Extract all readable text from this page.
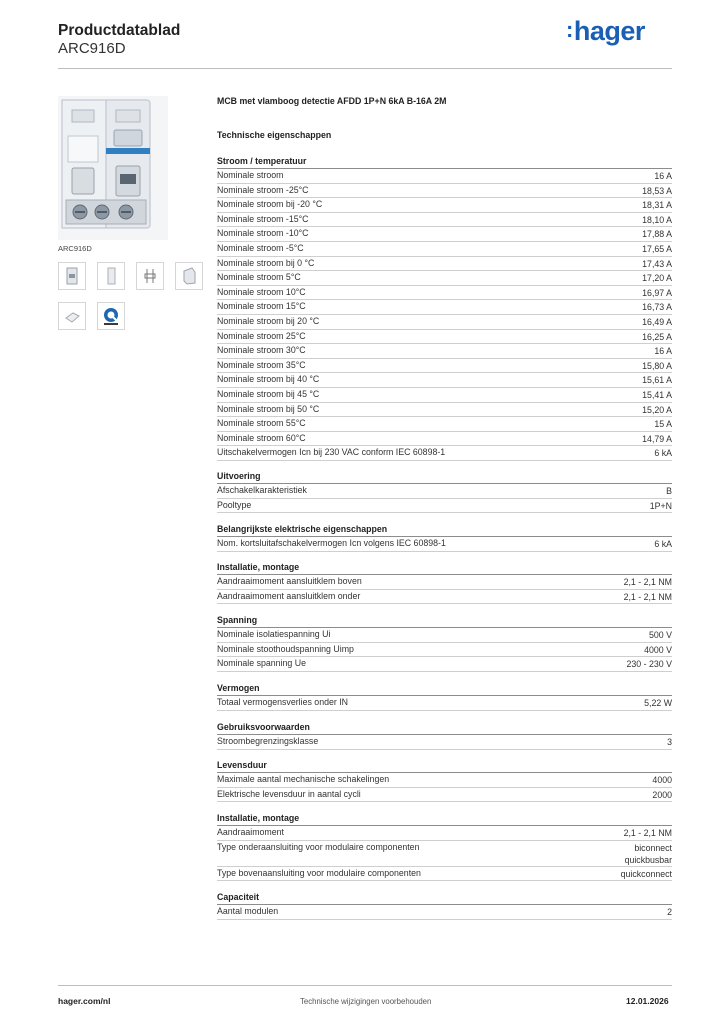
Productdatablad
ARC916D
:hager
ARC916D
MCB met vlamboog detectie AFDD 1P+N 6kA B-16A 2M
Technische eigenschappen
Stroom / temperatuur
Nominale stroom	16 A
Nominale stroom -25°C	18,53 A
Nominale stroom bij -20 °C	18,31 A
Nominale stroom -15°C	18,10 A
Nominale stroom -10°C	17,88 A
Nominale stroom -5°C	17,65 A
Nominale stroom bij 0 °C	17,43 A
Nominale stroom 5°C	17,20 A
Nominale stroom 10°C	16,97 A
Nominale stroom 15°C	16,73 A
Nominale stroom bij 20 °C	16,49 A
Nominale stroom 25°C	16,25 A
Nominale stroom 30°C	16 A
Nominale stroom 35°C	15,80 A
Nominale stroom bij 40 °C	15,61 A
Nominale stroom bij 45 °C	15,41 A
Nominale stroom bij 50 °C	15,20 A
Nominale stroom 55°C	15 A
Nominale stroom 60°C	14,79 A
Uitschakelvermogen Icn bij 230 VAC conform IEC 60898-1	6 kA
Uitvoering
Afschakelkarakteristiek	B
Pooltype	1P+N
Belangrijkste elektrische eigenschappen
Nom. kortsluitafschakelvermogen Icn volgens IEC 60898-1	6 kA
Installatie, montage
Aandraaimoment aansluitklem boven	2,1 - 2,1 NM
Aandraaimoment aansluitklem onder	2,1 - 2,1 NM
Spanning
Nominale isolatiespanning Ui	500 V
Nominale stoothoudspanning Uimp	4000 V
Nominale spanning Ue	230 - 230 V
Vermogen
Totaal vermogensverlies onder IN	5,22 W
Gebruiksvoorwaarden
Stroombegrenzingsklasse	3
Levensduur
Maximale aantal mechanische schakelingen	4000
Elektrische levensduur in aantal cycli	2000
Installatie, montage
Aandraaimoment	2,1 - 2,1 NM
Type onderaansluiting voor modulaire componenten	biconnect
quickbusbar
Type bovenaansluiting voor modulaire componenten	quickconnect
Capaciteit
Aantal modulen	2
hager.com/nl	Technische wijzigingen voorbehouden	12.01.2026
